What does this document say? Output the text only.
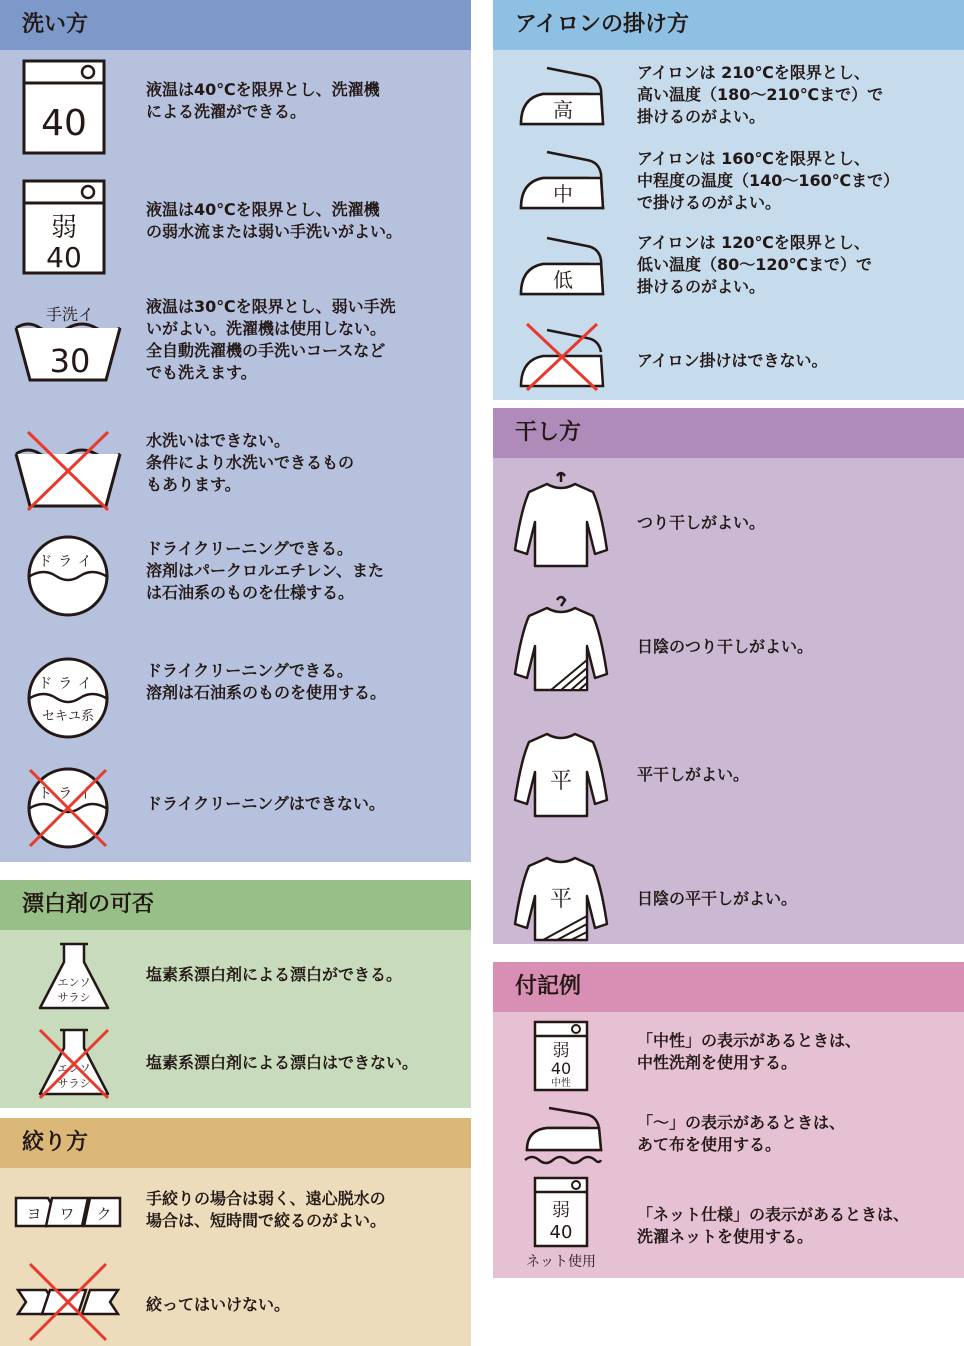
洗い方
40
液温は40℃を限界とし、洗濯機
による洗濯ができる。
弱
40
液温は40℃を限界とし、洗濯機
の弱水流または弱い手洗いがよい。
手洗イ
30
液温は30℃を限界とし、弱い手洗
いがよい。洗濯機は使用しない。
全自動洗濯機の手洗いコースなど
でも洗えます。
水洗いはできない。
条件により水洗いできるもの
もあります。
ドライ
ドライクリーニングできる。
溶剤はパークロルエチレン、また
は石油系のものを仕様する。
ドライ
セキユ系
ドライクリーニングできる。
溶剤は石油系のものを使用する。
ドライ	ドライクリーニングはできない。
漂白剤の可否
エンソ
サラシ
塩素系漂白剤による漂白ができる。
エンソ
サラシ
塩素系漂白剤による漂白はできない。
絞り方
ヨ ワ ク
手絞りの場合は弱く、遠心脱水の
場合は、短時間で絞るのがよい。
絞ってはいけない。
アイロンの掛け方
高
アイロンは 210℃を限界とし、
高い温度（180～210℃まで）で
掛けるのがよい。
中
アイロンは 160℃を限界とし、
中程度の温度（140～160℃まで）
で掛けるのがよい。
低
アイロンは 120℃を限界とし、
低い温度（80～120℃まで）で
掛けるのがよい。
アイロン掛けはできない。
干し方
つり干しがよい。
日陰のつり干しがよい。
平	平干しがよい。
平	日陰の平干しがよい。
付記例
弱
40
中性
「中性」の表示があるときは、
中性洗剤を使用する。
「～」の表示があるときは、
あて布を使用する。
弱
40
ネット使用
「ネット仕様」の表示があるときは、
洗濯ネットを使用する。
